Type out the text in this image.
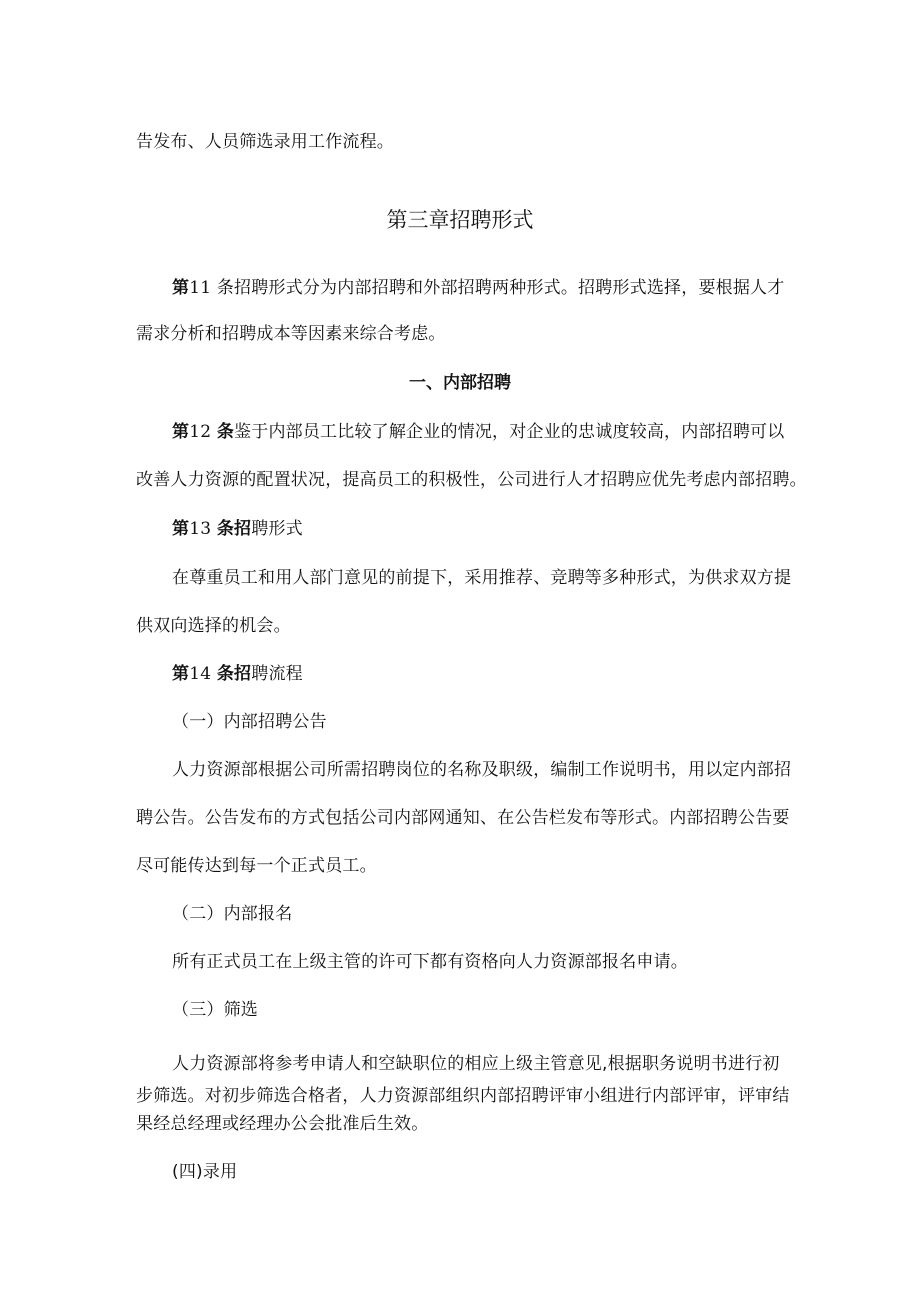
告发布、人员筛选录用工作流程。
第三章招聘形式
第11 条招聘形式分为内部招聘和外部招聘两种形式。招聘形式选择，要根据人才
需求分析和招聘成本等因素来综合考虑。
一、内部招聘
第12 条鉴于内部员工比较了解企业的情况，对企业的忠诚度较高，内部招聘可以
改善人力资源的配置状况，提高员工的积极性，公司进行人才招聘应优先考虑内部招聘。
第13 条招聘形式
在尊重员工和用人部门意见的前提下，采用推荐、竞聘等多种形式，为供求双方提
供双向选择的机会。
第14 条招聘流程
（一）内部招聘公告
人力资源部根据公司所需招聘岗位的名称及职级，编制工作说明书，用以定内部招
聘公告。公告发布的方式包括公司内部网通知、在公告栏发布等形式。内部招聘公告要
尽可能传达到每一个正式员工。
（二）内部报名
所有正式员工在上级主管的许可下都有资格向人力资源部报名申请。
（三）筛选
人力资源部将参考申请人和空缺职位的相应上级主管意见,根据职务说明书进行初
步筛选。对初步筛选合格者，人力资源部组织内部招聘评审小组进行内部评审，评审结
果经总经理或经理办公会批准后生效。
(四)录用
